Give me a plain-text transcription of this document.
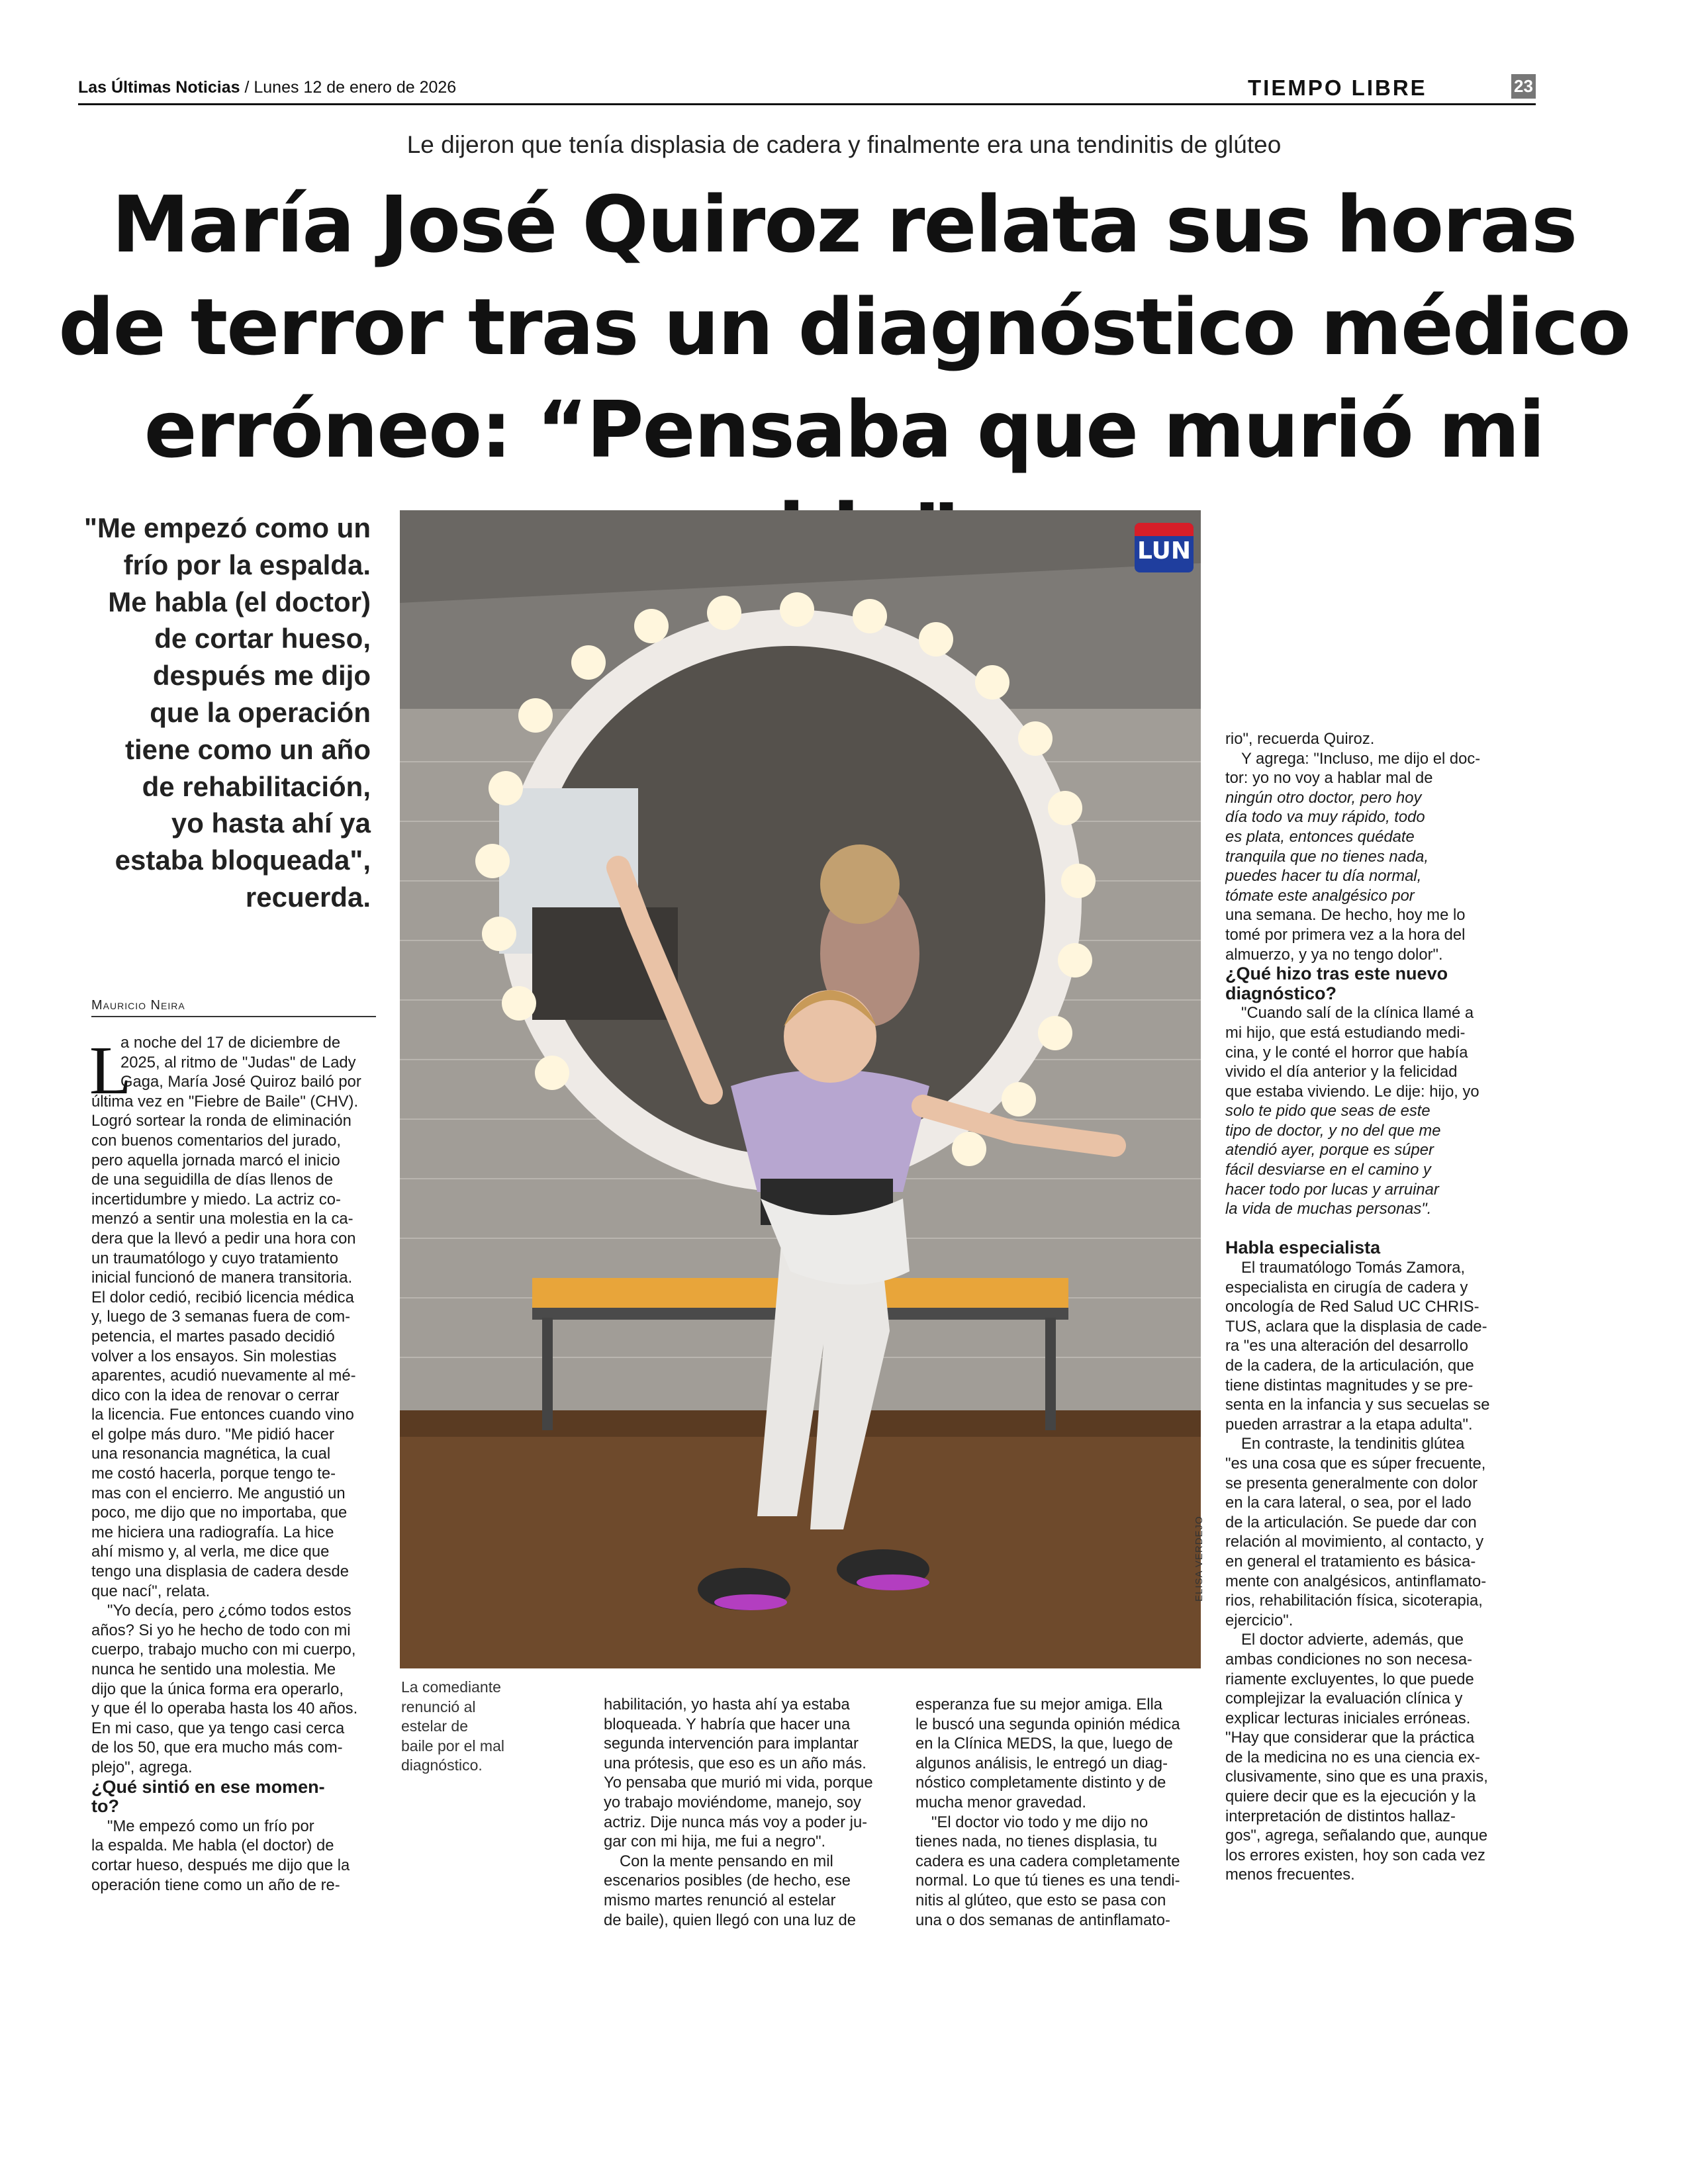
Las Últimas Noticias / Lunes 12 de enero de 2026	TIEMPO LIBRE	23
Le dijeron que tenía displasia de cadera y finalmente era una tendinitis de glúteo
María José Quiroz relata sus horas
de terror tras un diagnóstico médico
erróneo: “Pensaba que murió mi
"Me empezó como un
frío por la espalda.
Me habla (el doctor)
de cortar hueso,
después me dijo
que la operación
tiene como un año
de rehabilitación,
yo hasta ahí ya
estaba bloqueada",
recuerda.
Mauricio Neira
L
a noche del 17 de diciembre de
2025, al ritmo de "Judas" de Lady
Gaga, María José Quiroz bailó por
última vez en "Fiebre de Baile" (CHV).
Logró sortear la ronda de eliminación
con buenos comentarios del jurado,
pero aquella jornada marcó el inicio
de una seguidilla de días llenos de
incertidumbre y miedo. La actriz co-
menzó a sentir una molestia en la ca-
dera que la llevó a pedir una hora con
un traumatólogo y cuyo tratamiento
inicial funcionó de manera transitoria.
El dolor cedió, recibió licencia médica
y, luego de 3 semanas fuera de com-
petencia, el martes pasado decidió
volver a los ensayos. Sin molestias
aparentes, acudió nuevamente al mé-
dico con la idea de renovar o cerrar
la licencia. Fue entonces cuando vino
el golpe más duro. "Me pidió hacer
una resonancia magnética, la cual
me costó hacerla, porque tengo te-
mas con el encierro. Me angustió un
poco, me dijo que no importaba, que
me hiciera una radiografía. La hice
ahí mismo y, al verla, me dice que
tengo una displasia de cadera desde
que nací", relata.
"Yo decía, pero ¿cómo todos estos
años? Si yo he hecho de todo con mi
cuerpo, trabajo mucho con mi cuerpo,
nunca he sentido una molestia. Me
dijo que la única forma era operarlo,
y que él lo operaba hasta los 40 años.
En mi caso, que ya tengo casi cerca
de los 50, que era mucho más com-
plejo", agrega.
¿Qué sintió en ese momen-
to?
"Me empezó como un frío por
la espalda. Me habla (el doctor) de
cortar hueso, después me dijo que la
operación tiene como un año de re-
habilitación, yo hasta ahí ya estaba
bloqueada. Y habría que hacer una
segunda intervención para implantar
una prótesis, que eso es un año más.
Yo pensaba que murió mi vida, porque
yo trabajo moviéndome, manejo, soy
actriz. Dije nunca más voy a poder ju-
gar con mi hija, me fui a negro".
Con la mente pensando en mil
escenarios posibles (de hecho, ese
mismo martes renunció al estelar
de baile), quien llegó con una luz de
esperanza fue su mejor amiga. Ella
le buscó una segunda opinión médica
en la Clínica MEDS, la que, luego de
algunos análisis, le entregó un diag-
nóstico completamente distinto y de
mucha menor gravedad.
"El doctor vio todo y me dijo no
tienes nada, no tienes displasia, tu
cadera es una cadera completamente
normal. Lo que tú tienes es una tendi-
nitis al glúteo, que esto se pasa con
una o dos semanas de antinflamato-
rio", recuerda Quiroz.
Y agrega: "Incluso, me dijo el doc-
tor: yo no voy a hablar mal de
ningún otro doctor, pero hoy
día todo va muy rápido, todo
es plata, entonces quédate
tranquila que no tienes nada,
puedes hacer tu día normal,
tómate este analgésico por
una semana. De hecho, hoy me lo
tomé por primera vez a la hora del
almuerzo, y ya no tengo dolor".
¿Qué hizo tras este nuevo
diagnóstico?
"Cuando salí de la clínica llamé a
mi hijo, que está estudiando medi-
cina, y le conté el horror que había
vivido el día anterior y la felicidad
que estaba viviendo. Le dije: hijo, yo
solo te pido que seas de este
tipo de doctor, y no del que me
atendió ayer, porque es súper
fácil desviarse en el camino y
hacer todo por lucas y arruinar
la vida de muchas personas".

Habla especialista
El traumatólogo Tomás Zamora,
especialista en cirugía de cadera y
oncología de Red Salud UC CHRIS-
TUS, aclara que la displasia de cade-
ra "es una alteración del desarrollo
de la cadera, de la articulación, que
tiene distintas magnitudes y se pre-
senta en la infancia y sus secuelas se
pueden arrastrar a la etapa adulta".
En contraste, la tendinitis glútea
"es una cosa que es súper frecuente,
se presenta generalmente con dolor
en la cara lateral, o sea, por el lado
de la articulación. Se puede dar con
relación al movimiento, al contacto, y
en general el tratamiento es básica-
mente con analgésicos, antinflamato-
rios, rehabilitación física, sicoterapia,
ejercicio".
El doctor advierte, además, que
ambas condiciones no son necesa-
riamente excluyentes, lo que puede
complejizar la evaluación clínica y
explicar lecturas iniciales erróneas.
"Hay que considerar que la práctica
de la medicina no es una ciencia ex-
clusivamente, sino que es una praxis,
quiere decir que es la ejecución y la
interpretación de distintos hallaz-
gos", agrega, señalando que, aunque
los errores existen, hoy son cada vez
menos frecuentes.
LUN
ELISA VERDEJO
La comediante
renunció al
estelar de
baile por el mal
diagnóstico.
